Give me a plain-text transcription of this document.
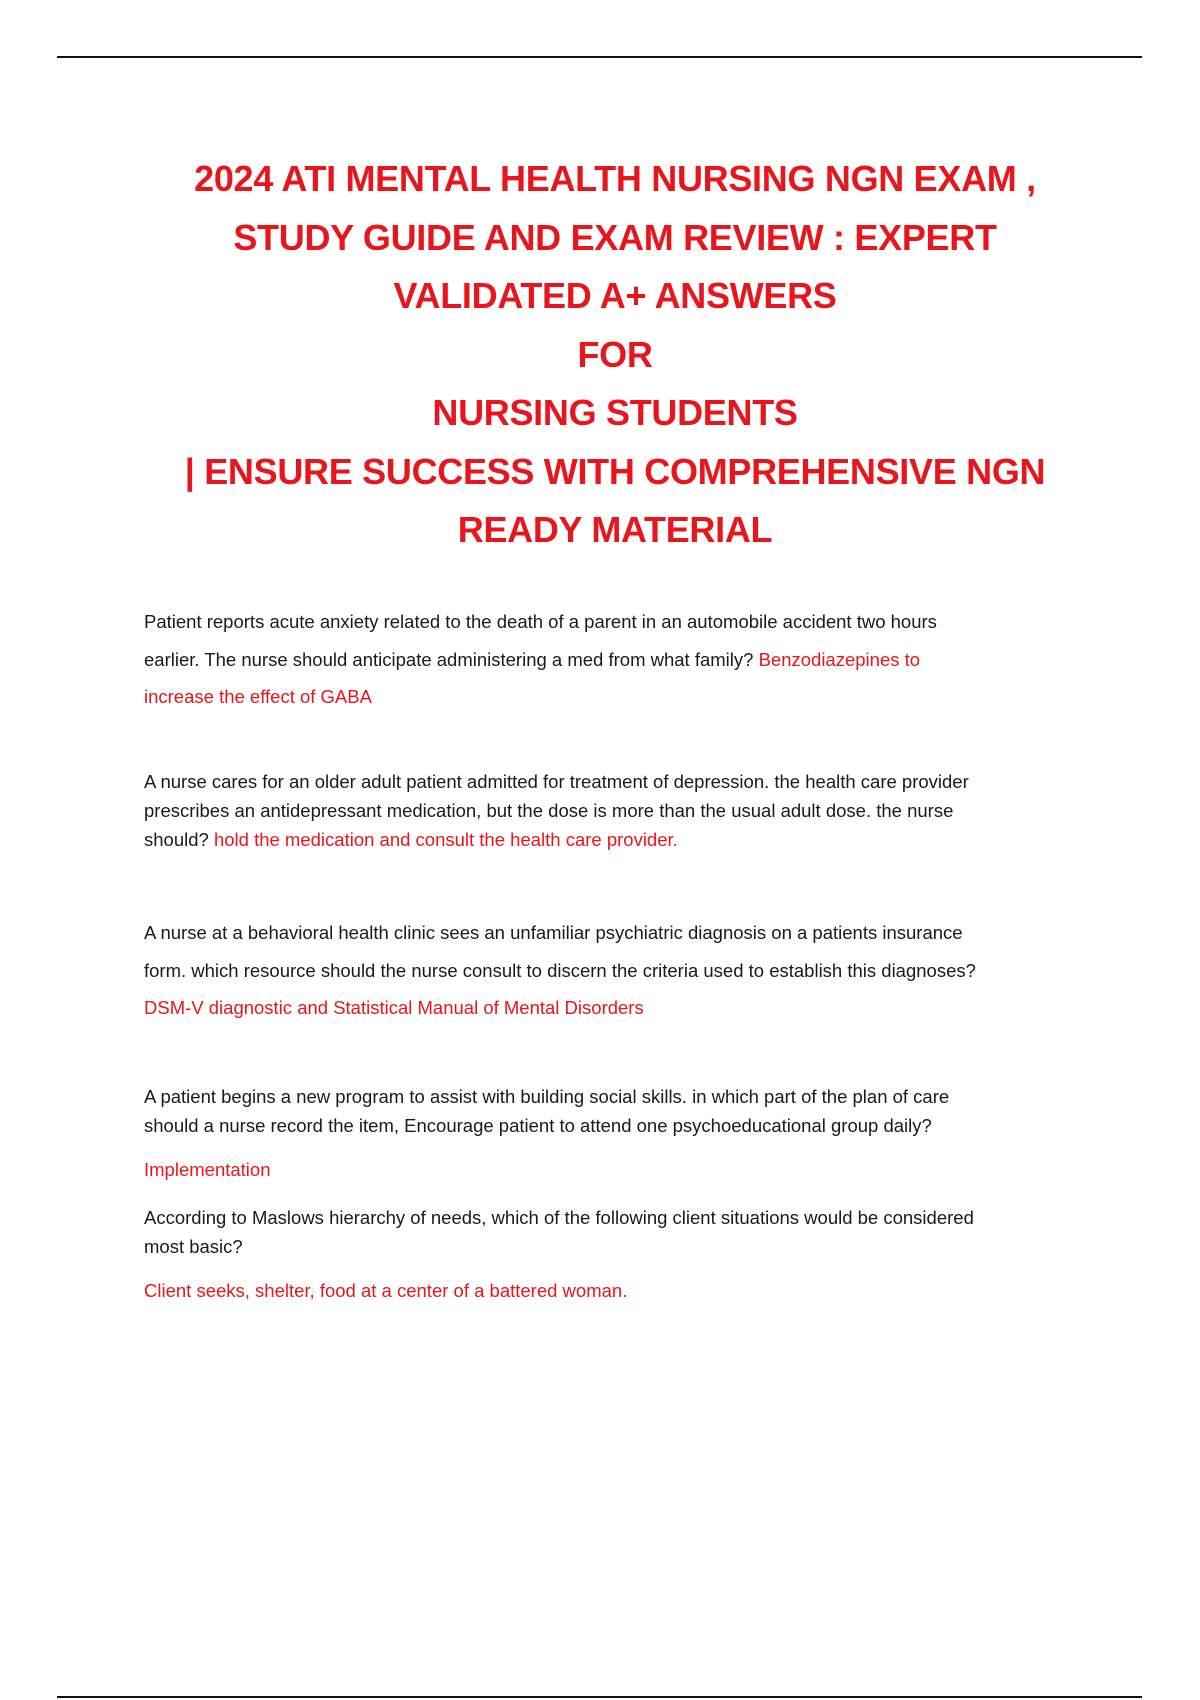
2024 ATI MENTAL HEALTH NURSING NGN EXAM ,
STUDY GUIDE AND EXAM REVIEW : EXPERT
VALIDATED A+ ANSWERS
FOR
NURSING STUDENTS
| ENSURE SUCCESS WITH COMPREHENSIVE NGN
READY MATERIAL
Patient reports acute anxiety related to the death of a parent in an automobile accident two hours
earlier. The nurse should anticipate administering a med from what family? Benzodiazepines to
increase the effect of GABA
A nurse cares for an older adult patient admitted for treatment of depression. the health care provider
prescribes an antidepressant medication, but the dose is more than the usual adult dose. the nurse
should? hold the medication and consult the health care provider.
A nurse at a behavioral health clinic sees an unfamiliar psychiatric diagnosis on a patients insurance
form. which resource should the nurse consult to discern the criteria used to establish this diagnoses?
DSM-V diagnostic and Statistical Manual of Mental Disorders
A patient begins a new program to assist with building social skills. in which part of the plan of care
should a nurse record the item, Encourage patient to attend one psychoeducational group daily?
Implementation
According to Maslows hierarchy of needs, which of the following client situations would be considered
most basic?
Client seeks, shelter, food at a center of a battered woman.
